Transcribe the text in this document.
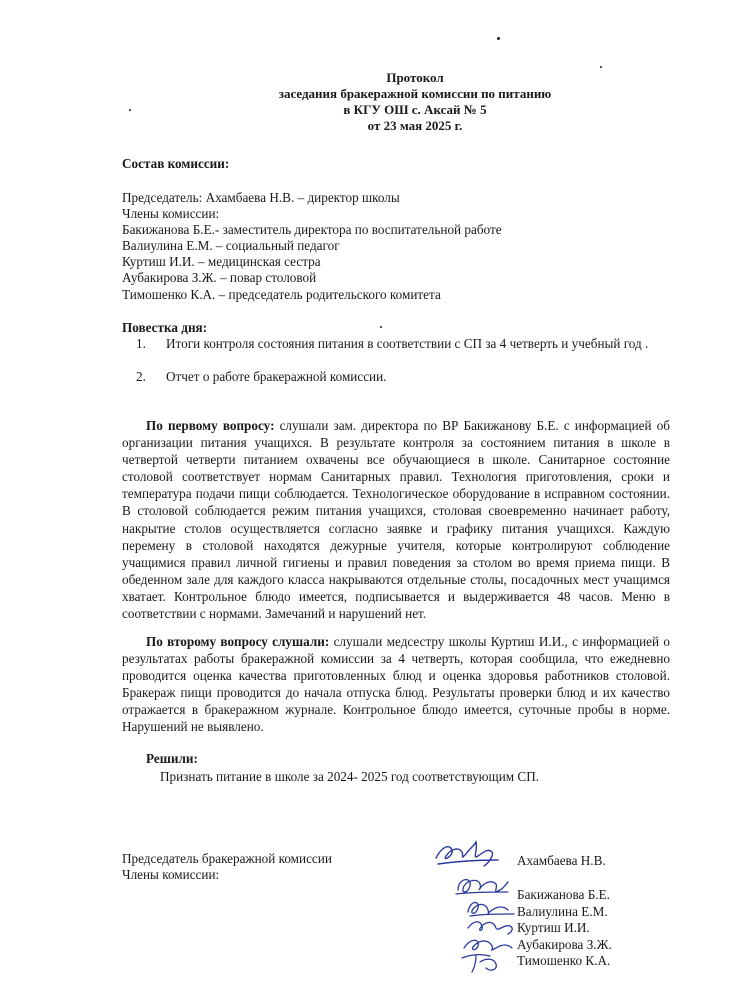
Протокол
заседания бракеражной комиссии по питанию
в КГУ ОШ с. Аксай № 5
от 23 мая 2025 г.
Состав комиссии:
Председатель: Ахамбаева Н.В. – директор школы
Члены комиссии:
Бакижанова Б.Е.- заместитель директора по воспитательной работе
Валиулина Е.М. – социальный педагог
Куртиш И.И. – медицинская сестра
Аубакирова З.Ж. – повар столовой
Тимошенко К.А. – председатель родительского комитета
Повестка дня:
1. Итоги контроля состояния питания в соответствии с СП за 4 четверть и учебный год .
2. Отчет о работе бракеражной комиссии.
По первому вопросу: слушали зам. директора по ВР Бакижанову Б.Е. с информацией об организации питания учащихся. В результате контроля за состоянием питания в школе в четвертой четверти питанием охвачены все обучающиеся в школе. Санитарное состояние столовой соответствует нормам Санитарных правил. Технология приготовления, сроки и температура подачи пищи соблюдается. Технологическое оборудование в исправном состоянии. В столовой соблюдается режим питания учащихся, столовая своевременно начинает работу, накрытие столов осуществляется согласно заявке и графику питания учащихся. Каждую перемену в столовой находятся дежурные учителя, которые контролируют соблюдение учащимися правил личной гигиены и правил поведения за столом во время приема пищи. В обеденном зале для каждого класса накрываются отдельные столы, посадочных мест учащимся хватает. Контрольное блюдо имеется, подписывается и выдерживается 48 часов. Меню в соответствии с нормами. Замечаний и нарушений нет.
По второму вопросу слушали: слушали медсестру школы Куртиш И.И., с информацией о результатах работы бракеражной комиссии за 4 четверть, которая сообщила, что ежедневно проводится оценка качества приготовленных блюд и оценка здоровья работников столовой. Бракераж пищи проводится до начала отпуска блюд. Результаты проверки блюд и их качество отражается в бракеражном журнале. Контрольное блюдо имеется, суточные пробы в норме. Нарушений не выявлено.
Решили:
Признать питание в школе за 2024- 2025 год соответствующим СП.
Председатель бракеражной комиссии
Члены комиссии:
Ахамбаева Н.В.
Бакижанова Б.Е.
Валиулина Е.М.
Куртиш И.И.
Аубакирова З.Ж.
Тимошенко К.А.
